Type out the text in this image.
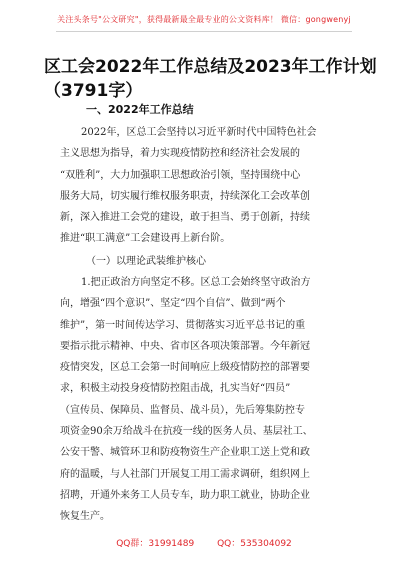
关注头条号"公文研究"，获得最新最全最专业的公文资料库！ 微信：gongwenyj
区工会2022年工作总结及2023年工作计划
（3791字）
一、2022年工作总结
2022年，区总工会坚持以习近平新时代中国特色社会
主义思想为指导，着力实现疫情防控和经济社会发展的
“双胜利”，大力加强职工思想政治引领，坚持围绕中心
服务大局，切实履行维权服务职责，持续深化工会改革创
新，深入推进工会党的建设，敢于担当、勇于创新，持续
推进“职工满意”工会建设再上新台阶。
（一）以理论武装维护核心
1.把正政治方向坚定不移。区总工会始终坚守政治方
向，增强“四个意识”、坚定“四个自信”、做到“两个
维护”，第一时间传达学习、贯彻落实习近平总书记的重
要指示批示精神、中央、省市区各项决策部署。今年新冠
疫情突发，区总工会第一时间响应上级疫情防控的部署要
求，积极主动投身疫情防控阻击战，扎实当好“四员”
（宣传员、保障员、监督员、战斗员），先后筹集防控专
项资金90余万给战斗在抗疫一线的医务人员、基层社工、
公安干警、城管环卫和防疫物资生产企业职工送上党和政
府的温暖，与人社部门开展复工用工需求调研，组织网上
招聘，开通外来务工人员专车，助力职工就业，协助企业
恢复生产。
QQ群：31991489	QQ：535304092
